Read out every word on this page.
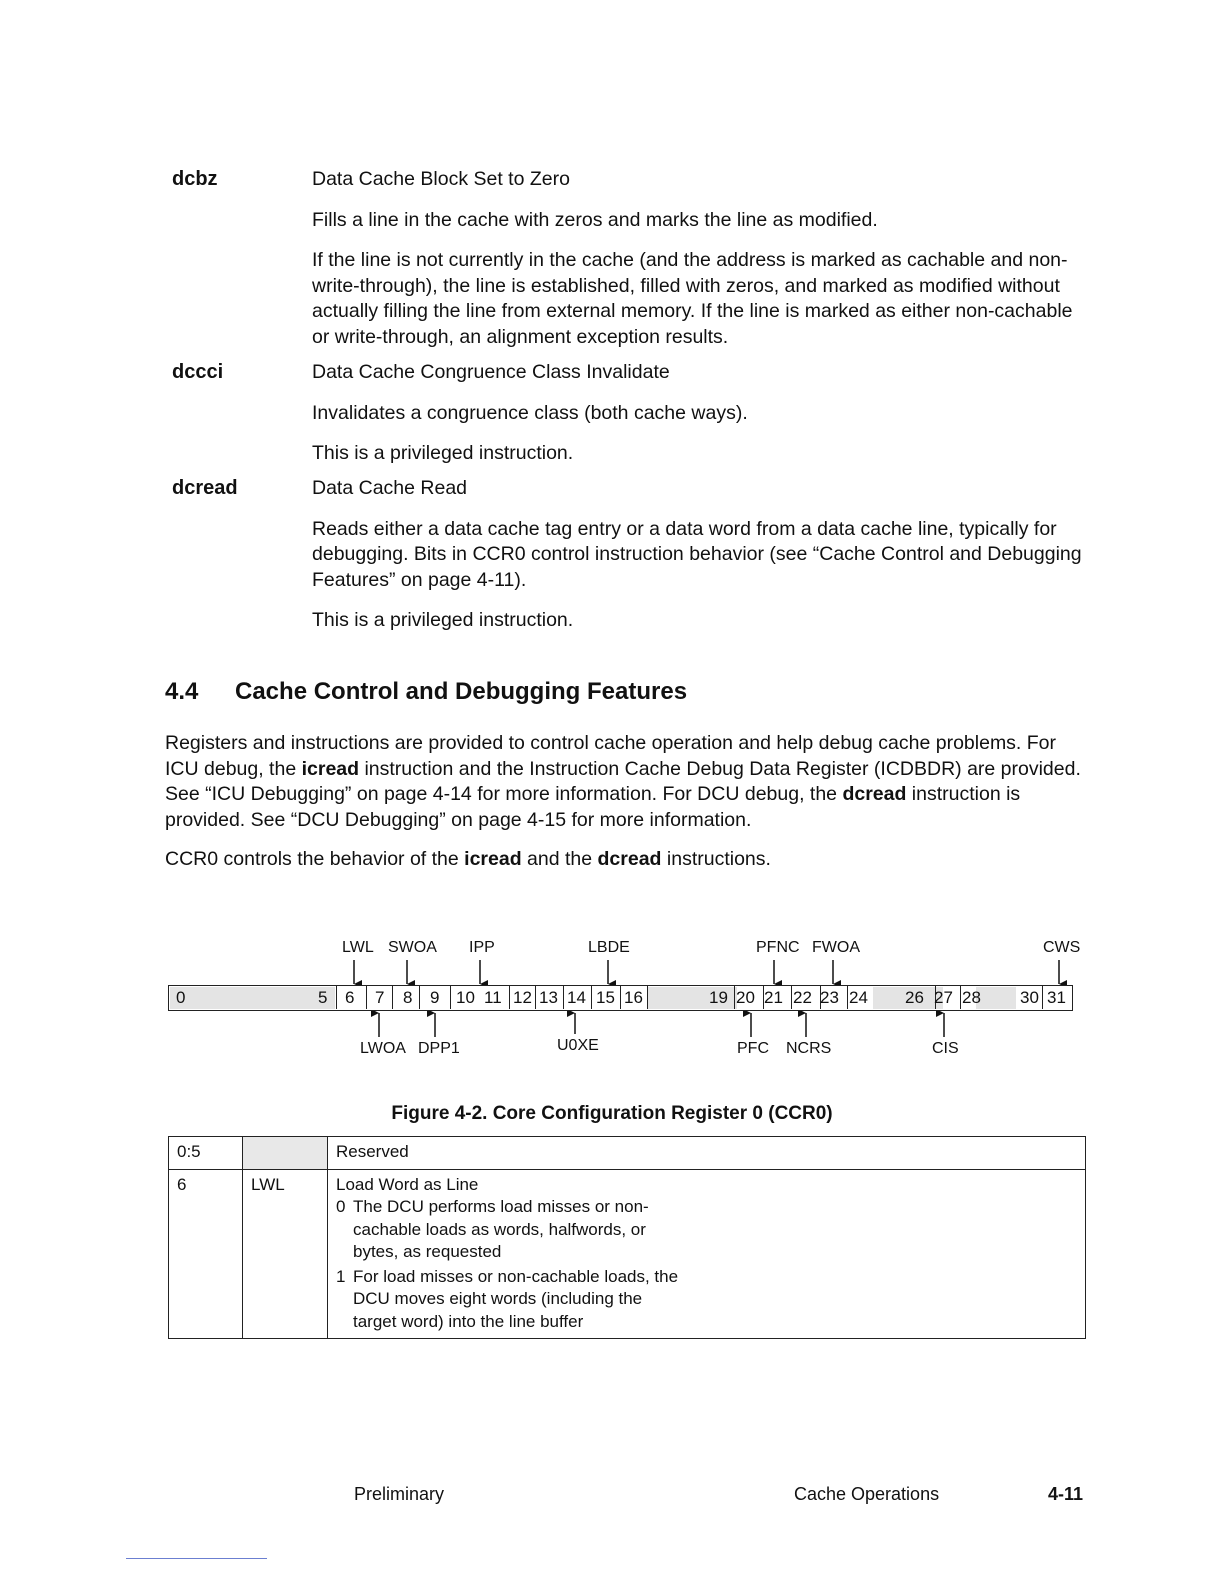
dcbz	Data Cache Block Set to Zero

Fills a line in the cache with zeros and marks the line as modified.

If the line is not currently in the cache (and the address is marked as cachable and non-write-through), the line is established, filled with zeros, and marked as modified without actually filling the line from external memory. If the line is marked as either non-cachable or write-through, an alignment exception results.

dccci	Data Cache Congruence Class Invalidate

Invalidates a congruence class (both cache ways).

This is a privileged instruction.

dcread	Data Cache Read

Reads either a data cache tag entry or a data word from a data cache line, typically for debugging. Bits in CCR0 control instruction behavior (see “Cache Control and Debugging Features” on page 4-11).

This is a privileged instruction.

4.4 Cache Control and Debugging Features

Registers and instructions are provided to control cache operation and help debug cache problems. For ICU debug, the icread instruction and the Instruction Cache Debug Data Register (ICDBDR) are provided. See “ICU Debugging” on page 4-14 for more information. For DCU debug, the dcread instruction is provided. See “DCU Debugging” on page 4-15 for more information.

CCR0 controls the behavior of the icread and the dcread instructions.

LWL SWOA IPP	LBDE	PFNC FWOA	CWS
0	5 6 7 8 9 10 11 12 13 14 15 16	19 20 21 22 23 24 26 27 28 30 31
LWOA DPP1	U0XE	PFC NCRS	CIS
Figure 4-2. Core Configuration Register 0 (CCR0)
0:5		Reserved
6	LWL	Load Word as Line
0 The DCU performs load misses or non-cachable loads as words, halfwords, or bytes, as requested
1 For load misses or non-cachable loads, the DCU moves eight words (including the target word) into the line buffer
Preliminary	Cache Operations	4-11
